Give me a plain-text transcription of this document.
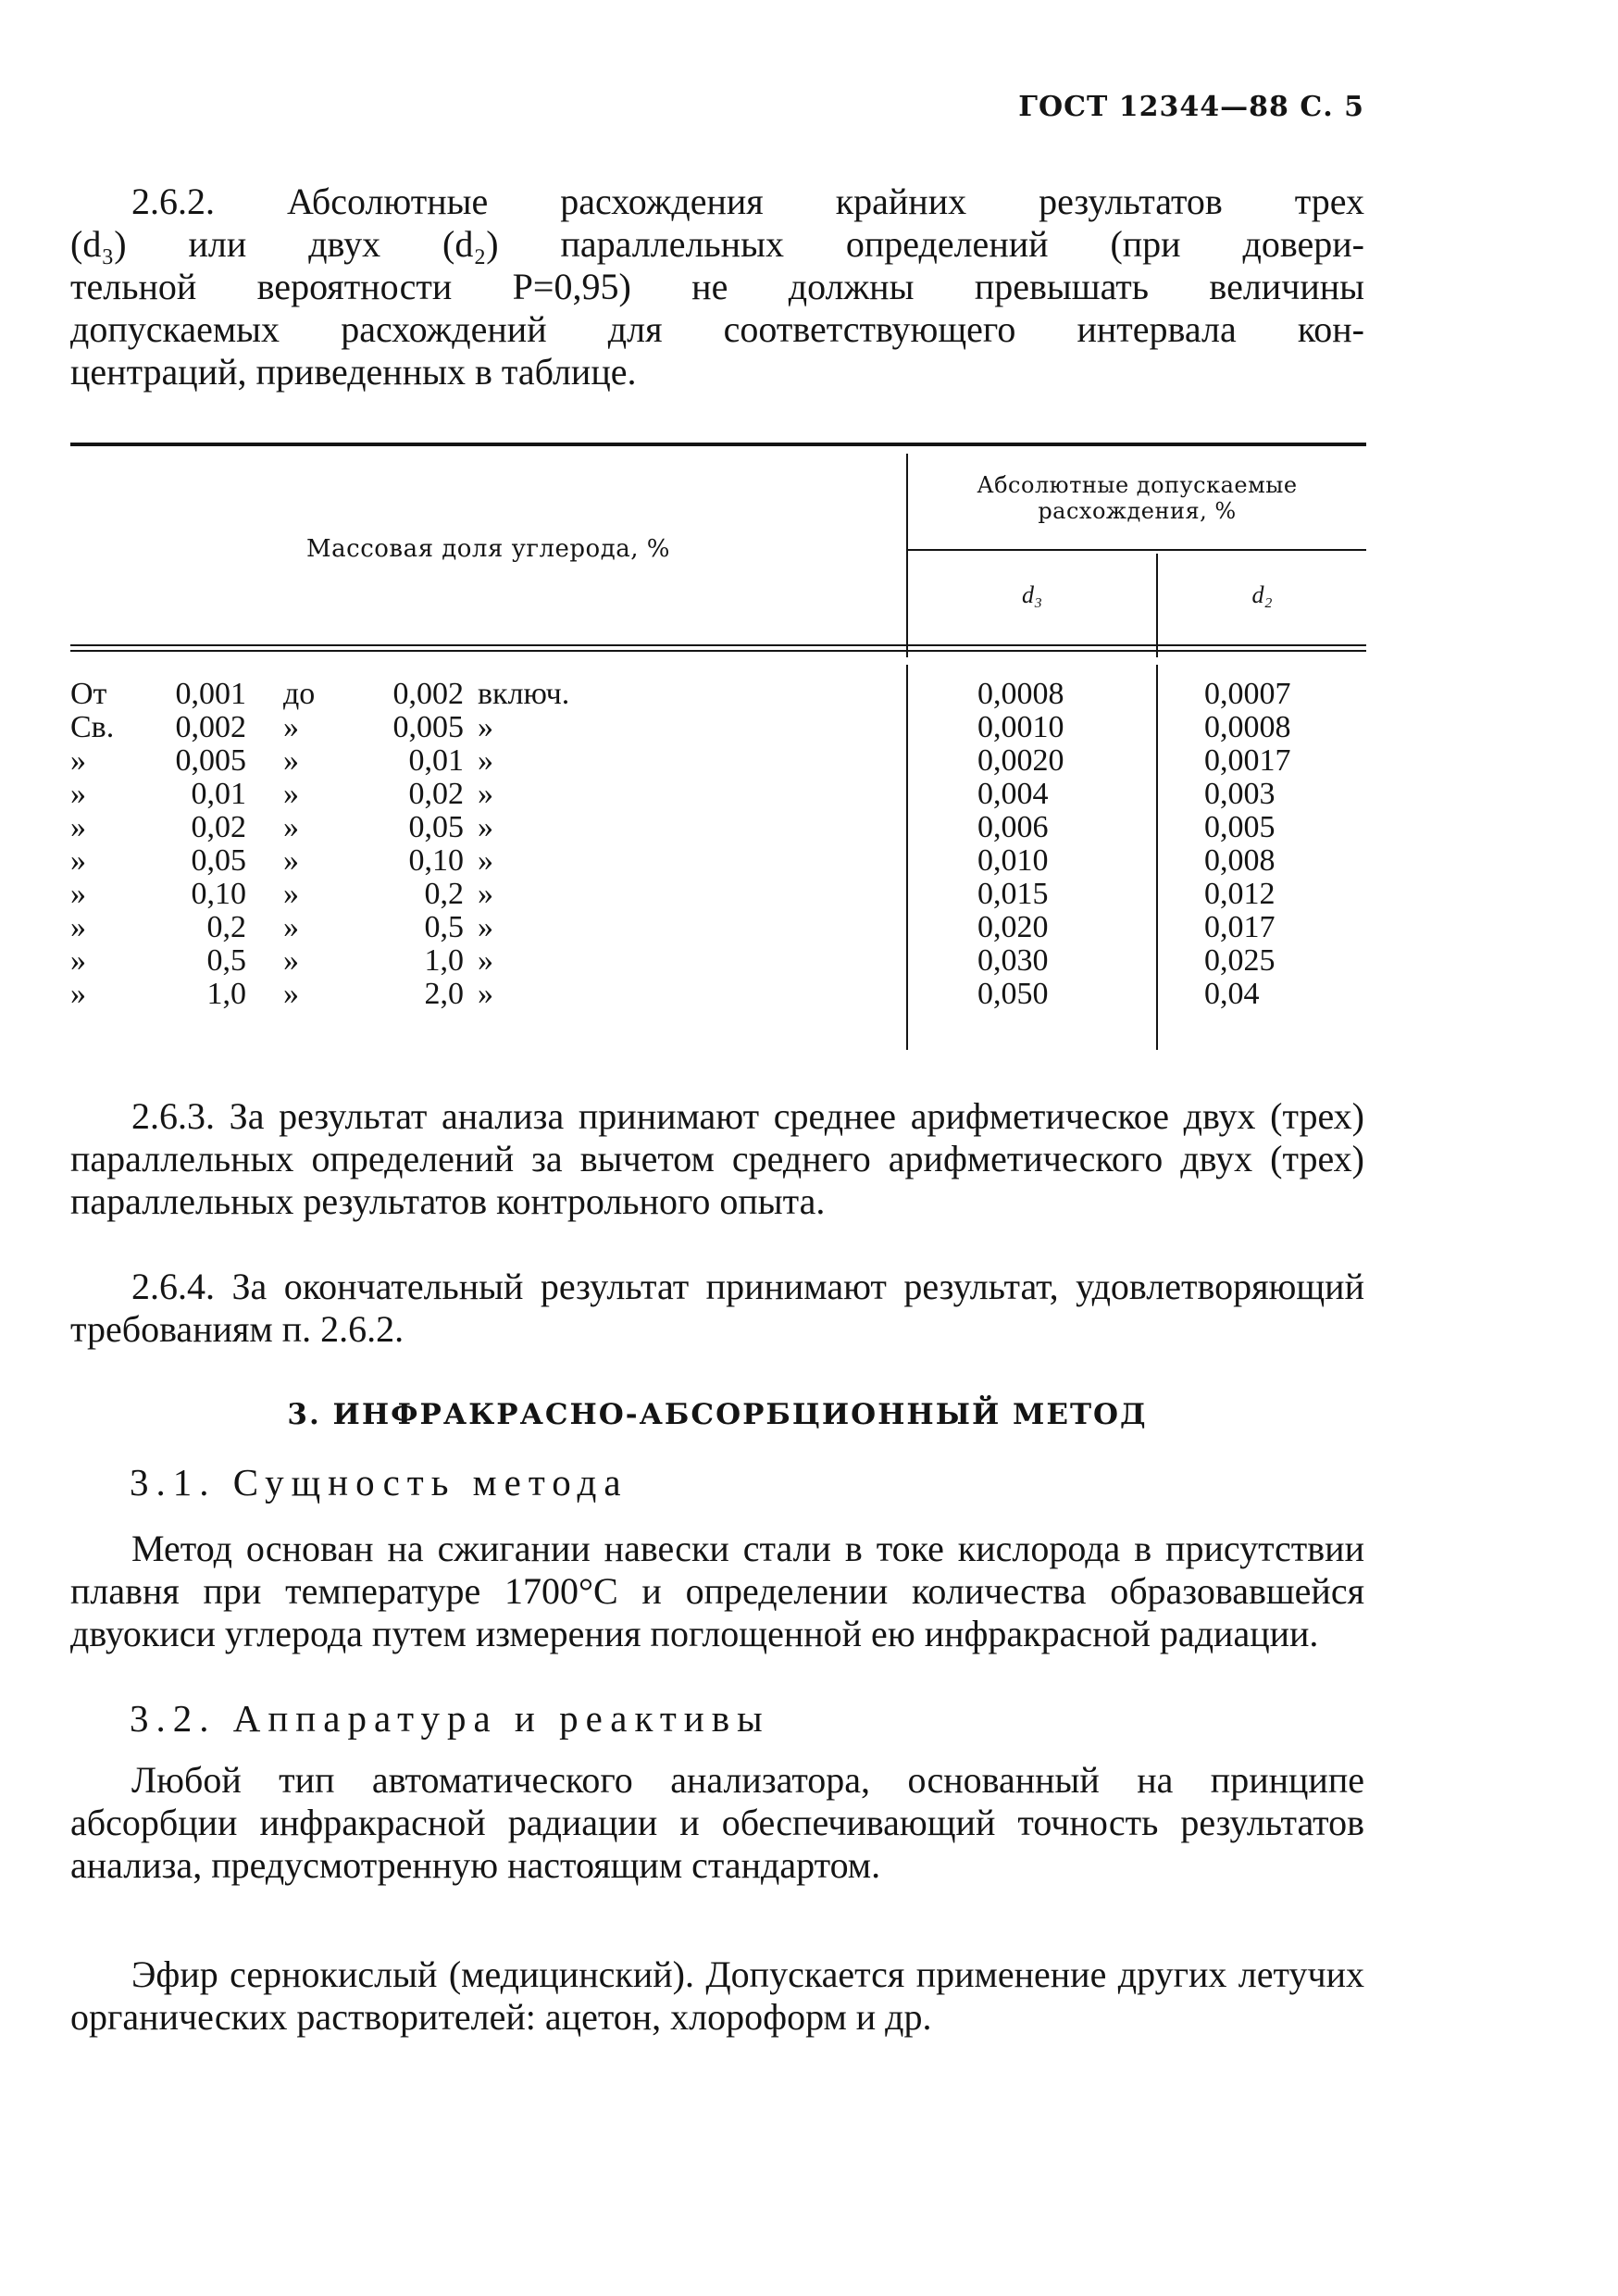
ГОСТ 12344—88 С. 5
2.6.2. Абсолютные расхождения крайних результатов трех
(d₃) или двух (d₂) параллельных определений (при довери-
тельной вероятности P=0,95) не должны превышать величины
допускаемых расхождений для соответствующего интервала кон-
центраций, приведенных в таблице.
Массовая доля углерода, %
Абсолютные допускаемые расхождения, %
d₃	d₂
От	0,001 до	0,002 включ.	0,0008	0,0007
Св.	0,002 »	0,005 »	0,0010	0,0008
»	0,005 »	0,01 »	0,0020	0,0017
»	0,01 »	0,02 »	0,004	0,003
»	0,02 »	0,05 »	0,006	0,005
»	0,05 »	0,10 »	0,010	0,008
»	0,10 »	0,2 »	0,015	0,012
»	0,2 »	0,5 »	0,020	0,017
»	0,5 »	1,0 »	0,030	0,025
»	1,0 »	2,0 »	0,050	0,04
2.6.3. За результат анализа принимают среднее арифметическое двух (трех) параллельных определений за вычетом среднего арифметического двух (трех) параллельных результатов контрольного опыта.
2.6.4. За окончательный результат принимают результат, удовлетворяющий требованиям п. 2.6.2.
3. ИНФРАКРАСНО-АБСОРБЦИОННЫЙ МЕТОД
3.1. Сущность метода
Метод основан на сжигании навески стали в токе кислорода в присутствии плавня при температуре 1700°С и определении количества образовавшейся двуокиси углерода путем измерения поглощенной ею инфракрасной радиации.
3.2. Аппаратура и реактивы
Любой тип автоматического анализатора, основанный на принципе абсорбции инфракрасной радиации и обеспечивающий точность результатов анализа, предусмотренную настоящим стандартом.
Эфир сернокислый (медицинский). Допускается применение других летучих органических растворителей: ацетон, хлороформ и др.
